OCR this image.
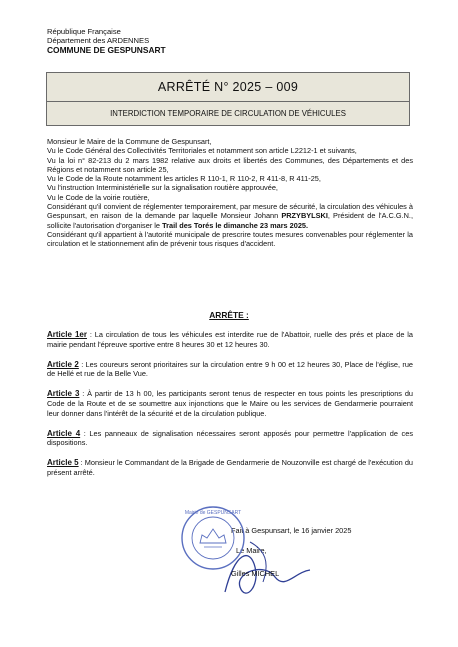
République Française
Département des ARDENNES
COMMUNE DE GESPUNSART
ARRÊTÉ N° 2025 – 009
INTERDICTION TEMPORAIRE DE CIRCULATION DE VÉHICULES

Monsieur le Maire de la Commune de Gespunsart,

Vu le Code Général des Collectivités Territoriales et notamment son article L2212-1 et suivants,

Vu la loi n° 82-213 du 2 mars 1982 relative aux droits et libertés des Communes, des Départements et des Régions et notamment son article 25,

Vu le Code de la Route notamment les articles R 110-1, R 110-2, R 411-8, R 411-25,

Vu l'instruction Interministérielle sur la signalisation routière approuvée,

Vu le Code de la voirie routière,

Considérant qu'il convient de réglementer temporairement, par mesure de sécurité, la circulation des véhicules à Gespunsart, en raison de la demande par laquelle Monsieur Johann PRZYBYLSKI, Président de l'A.C.G.N., sollicite l'autorisation d'organiser le Trail des Torés le dimanche 23 mars 2025.

Considérant qu'il appartient à l'autorité municipale de prescrire toutes mesures convenables pour réglementer la circulation et le stationnement afin de prévenir tous risques d'accident.

ARRÊTE :
Article 1er : La circulation de tous les véhicules est interdite rue de l'Abattoir, ruelle des prés et place de la mairie pendant l'épreuve sportive entre 8 heures 30 et 12 heures 30.
Article 2 : Les coureurs seront prioritaires sur la circulation entre 9 h 00 et 12 heures 30, Place de l'église, rue de Hellé et rue de la Belle Vue.
Article 3 : À partir de 13 h 00, les participants seront tenus de respecter en tous points les prescriptions du Code de la Route et de se soumettre aux injonctions que le Maire ou les services de Gendarmerie pourraient leur donner dans l'intérêt de la sécurité et de la circulation publique.
Article 4 : Les panneaux de signalisation nécessaires seront apposés pour permettre l'application de ces dispositions.
Article 5 : Monsieur le Commandant de la Brigade de Gendarmerie de Nouzonville est chargé de l'exécution du présent arrêté.
Fait à Gespunsart, le 16 janvier 2025
Le Maire,
Mairie de GESPUNSART
Gilles MICHEL
